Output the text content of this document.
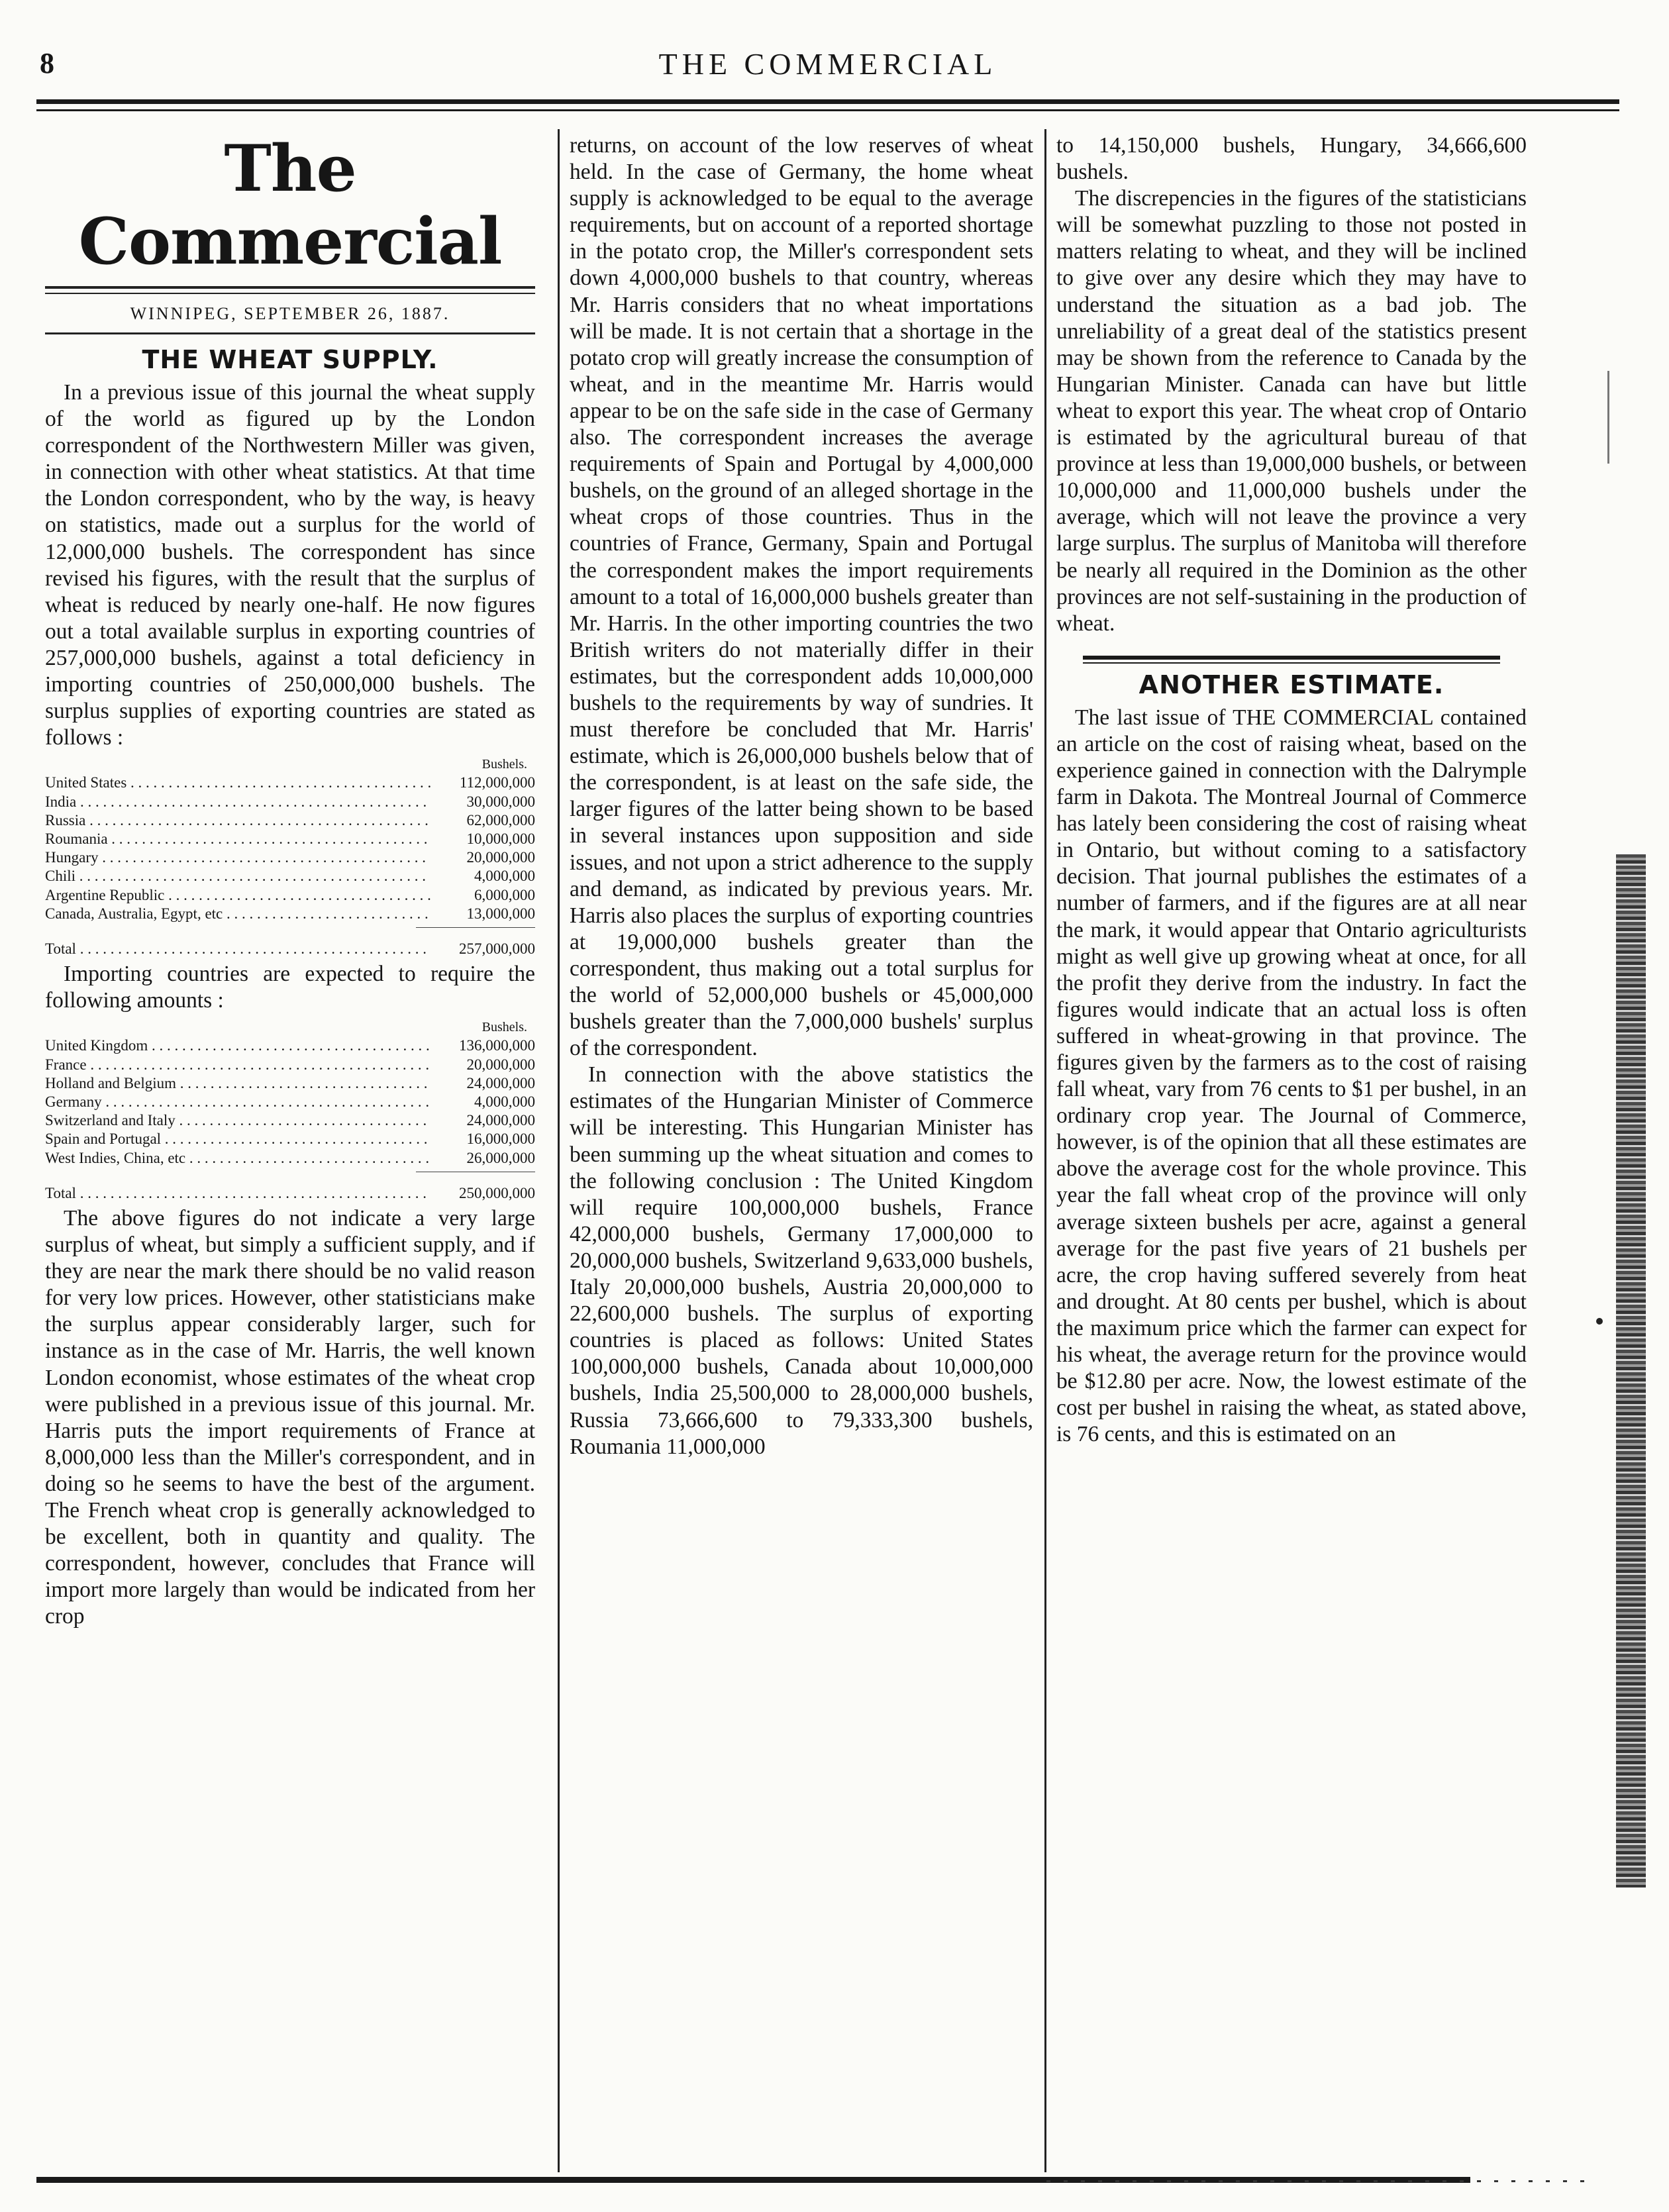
8	THE COMMERCIAL
The Commercial

WINNIPEG, SEPTEMBER 26, 1887.

THE WHEAT SUPPLY.

In a previous issue of this journal the wheat supply of the world as figured up by the London correspondent of the Northwestern Miller was given, in connection with other wheat statistics. At that time the London correspondent, who by the way, is heavy on statistics, made out a surplus for the world of 12,000,000 bushels. The correspondent has since revised his figures, with the result that the surplus of wheat is reduced by nearly one-half. He now figures out a total available surplus in exporting countries of 257,000,000 bushels, against a total deficiency in importing countries of 250,000,000 bushels. The surplus supplies of exporting countries are stated as follows :

Bushels.
United States . . .	112,000,000
India . . .	30,000,000
Russia . . .	62,000,000
Roumania . . .	10,000,000
Hungary . . .	20,000,000
Chili . . .	4,000,000
Argentine Republic . . .	6,000,000
Canada, Australia, Egypt, etc . . .	13,000,000
Total . . .	257,000,000

Importing countries are expected to require the following amounts :

Bushels.
United Kingdom . . .	136,000,000
France . . .	20,000,000
Holland and Belgium . . .	24,000,000
Germany . . .	4,000,000
Switzerland and Italy . . .	24,000,000
Spain and Portugal . . .	16,000,000
West Indies, China, etc . . .	26,000,000
Total . . .	250,000,000

The above figures do not indicate a very large surplus of wheat, but simply a sufficient supply, and if they are near the mark there should be no valid reason for very low prices. However, other statisticians make the surplus appear considerably larger, such for instance as in the case of Mr. Harris, the well known London economist, whose estimates of the wheat crop were published in a previous issue of this journal. Mr. Harris puts the import requirements of France at 8,000,000 less than the Miller's correspondent, and in doing so he seems to have the best of the argument. The French wheat crop is generally acknowledged to be excellent, both in quantity and quality. The correspondent, however, concludes that France will import more largely than would be indicated from her crop

returns, on account of the low reserves of wheat held. In the case of Germany, the home wheat supply is acknowledged to be equal to the average requirements, but on account of a reported shortage in the potato crop, the Miller's correspondent sets down 4,000,000 bushels to that country, whereas Mr. Harris considers that no wheat importations will be made. It is not certain that a shortage in the potato crop will greatly increase the consumption of wheat, and in the meantime Mr. Harris would appear to be on the safe side in the case of Germany also. The correspondent increases the average requirements of Spain and Portugal by 4,000,000 bushels, on the ground of an alleged shortage in the wheat crops of those countries. Thus in the countries of France, Germany, Spain and Portugal the correspondent makes the import requirements amount to a total of 16,000,000 bushels greater than Mr. Harris. In the other importing countries the two British writers do not materially differ in their estimates, but the correspondent adds 10,000,000 bushels to the requirements by way of sundries. It must therefore be concluded that Mr. Harris' estimate, which is 26,000,000 bushels below that of the correspondent, is at least on the safe side, the larger figures of the latter being shown to be based in several instances upon supposition and side issues, and not upon a strict adherence to the supply and demand, as indicated by previous years. Mr. Harris also places the surplus of exporting countries at 19,000,000 bushels greater than the correspondent, thus making out a total surplus for the world of 52,000,000 bushels or 45,000,000 bushels greater than the 7,000,000 bushels' surplus of the correspondent.

In connection with the above statistics the estimates of the Hungarian Minister of Commerce will be interesting. This Hungarian Minister has been summing up the wheat situation and comes to the following conclusion : The United Kingdom will require 100,000,000 bushels, France 42,000,000 bushels, Germany 17,000,000 to 20,000,000 bushels, Switzerland 9,633,000 bushels, Italy 20,000,000 bushels, Austria 20,000,000 to 22,600,000 bushels. The surplus of exporting countries is placed as follows: United States 100,000,000 bushels, Canada about 10,000,000 bushels, India 25,500,000 to 28,000,000 bushels, Russia 73,666,600 to 79,333,300 bushels, Roumania 11,000,000

to 14,150,000 bushels, Hungary, 34,666,600 bushels.

The discrepencies in the figures of the statisticians will be somewhat puzzling to those not posted in matters relating to wheat, and they will be inclined to give over any desire which they may have to understand the situation as a bad job. The unreliability of a great deal of the statistics present may be shown from the reference to Canada by the Hungarian Minister. Canada can have but little wheat to export this year. The wheat crop of Ontario is estimated by the agricultural bureau of that province at less than 19,000,000 bushels, or between 10,000,000 and 11,000,000 bushels under the average, which will not leave the province a very large surplus. The surplus of Manitoba will therefore be nearly all required in the Dominion as the other provinces are not self-sustaining in the production of wheat.

ANOTHER ESTIMATE.

The last issue of THE COMMERCIAL contained an article on the cost of raising wheat, based on the experience gained in connection with the Dalrymple farm in Dakota. The Montreal Journal of Commerce has lately been considering the cost of raising wheat in Ontario, but without coming to a satisfactory decision. That journal publishes the estimates of a number of farmers, and if the figures are at all near the mark, it would appear that Ontario agriculturists might as well give up growing wheat at once, for all the profit they derive from the industry. In fact the figures would indicate that an actual loss is often suffered in wheat-growing in that province. The figures given by the farmers as to the cost of raising fall wheat, vary from 76 cents to $1 per bushel, in an ordinary crop year. The Journal of Commerce, however, is of the opinion that all these estimates are above the average cost for the whole province. This year the fall wheat crop of the province will only average sixteen bushels per acre, against a general average for the past five years of 21 bushels per acre, the crop having suffered severely from heat and drought. At 80 cents per bushel, which is about the maximum price which the farmer can expect for his wheat, the average return for the province would be $12.80 per acre. Now, the lowest estimate of the cost per bushel in raising the wheat, as stated above, is 76 cents, and this is estimated on an
